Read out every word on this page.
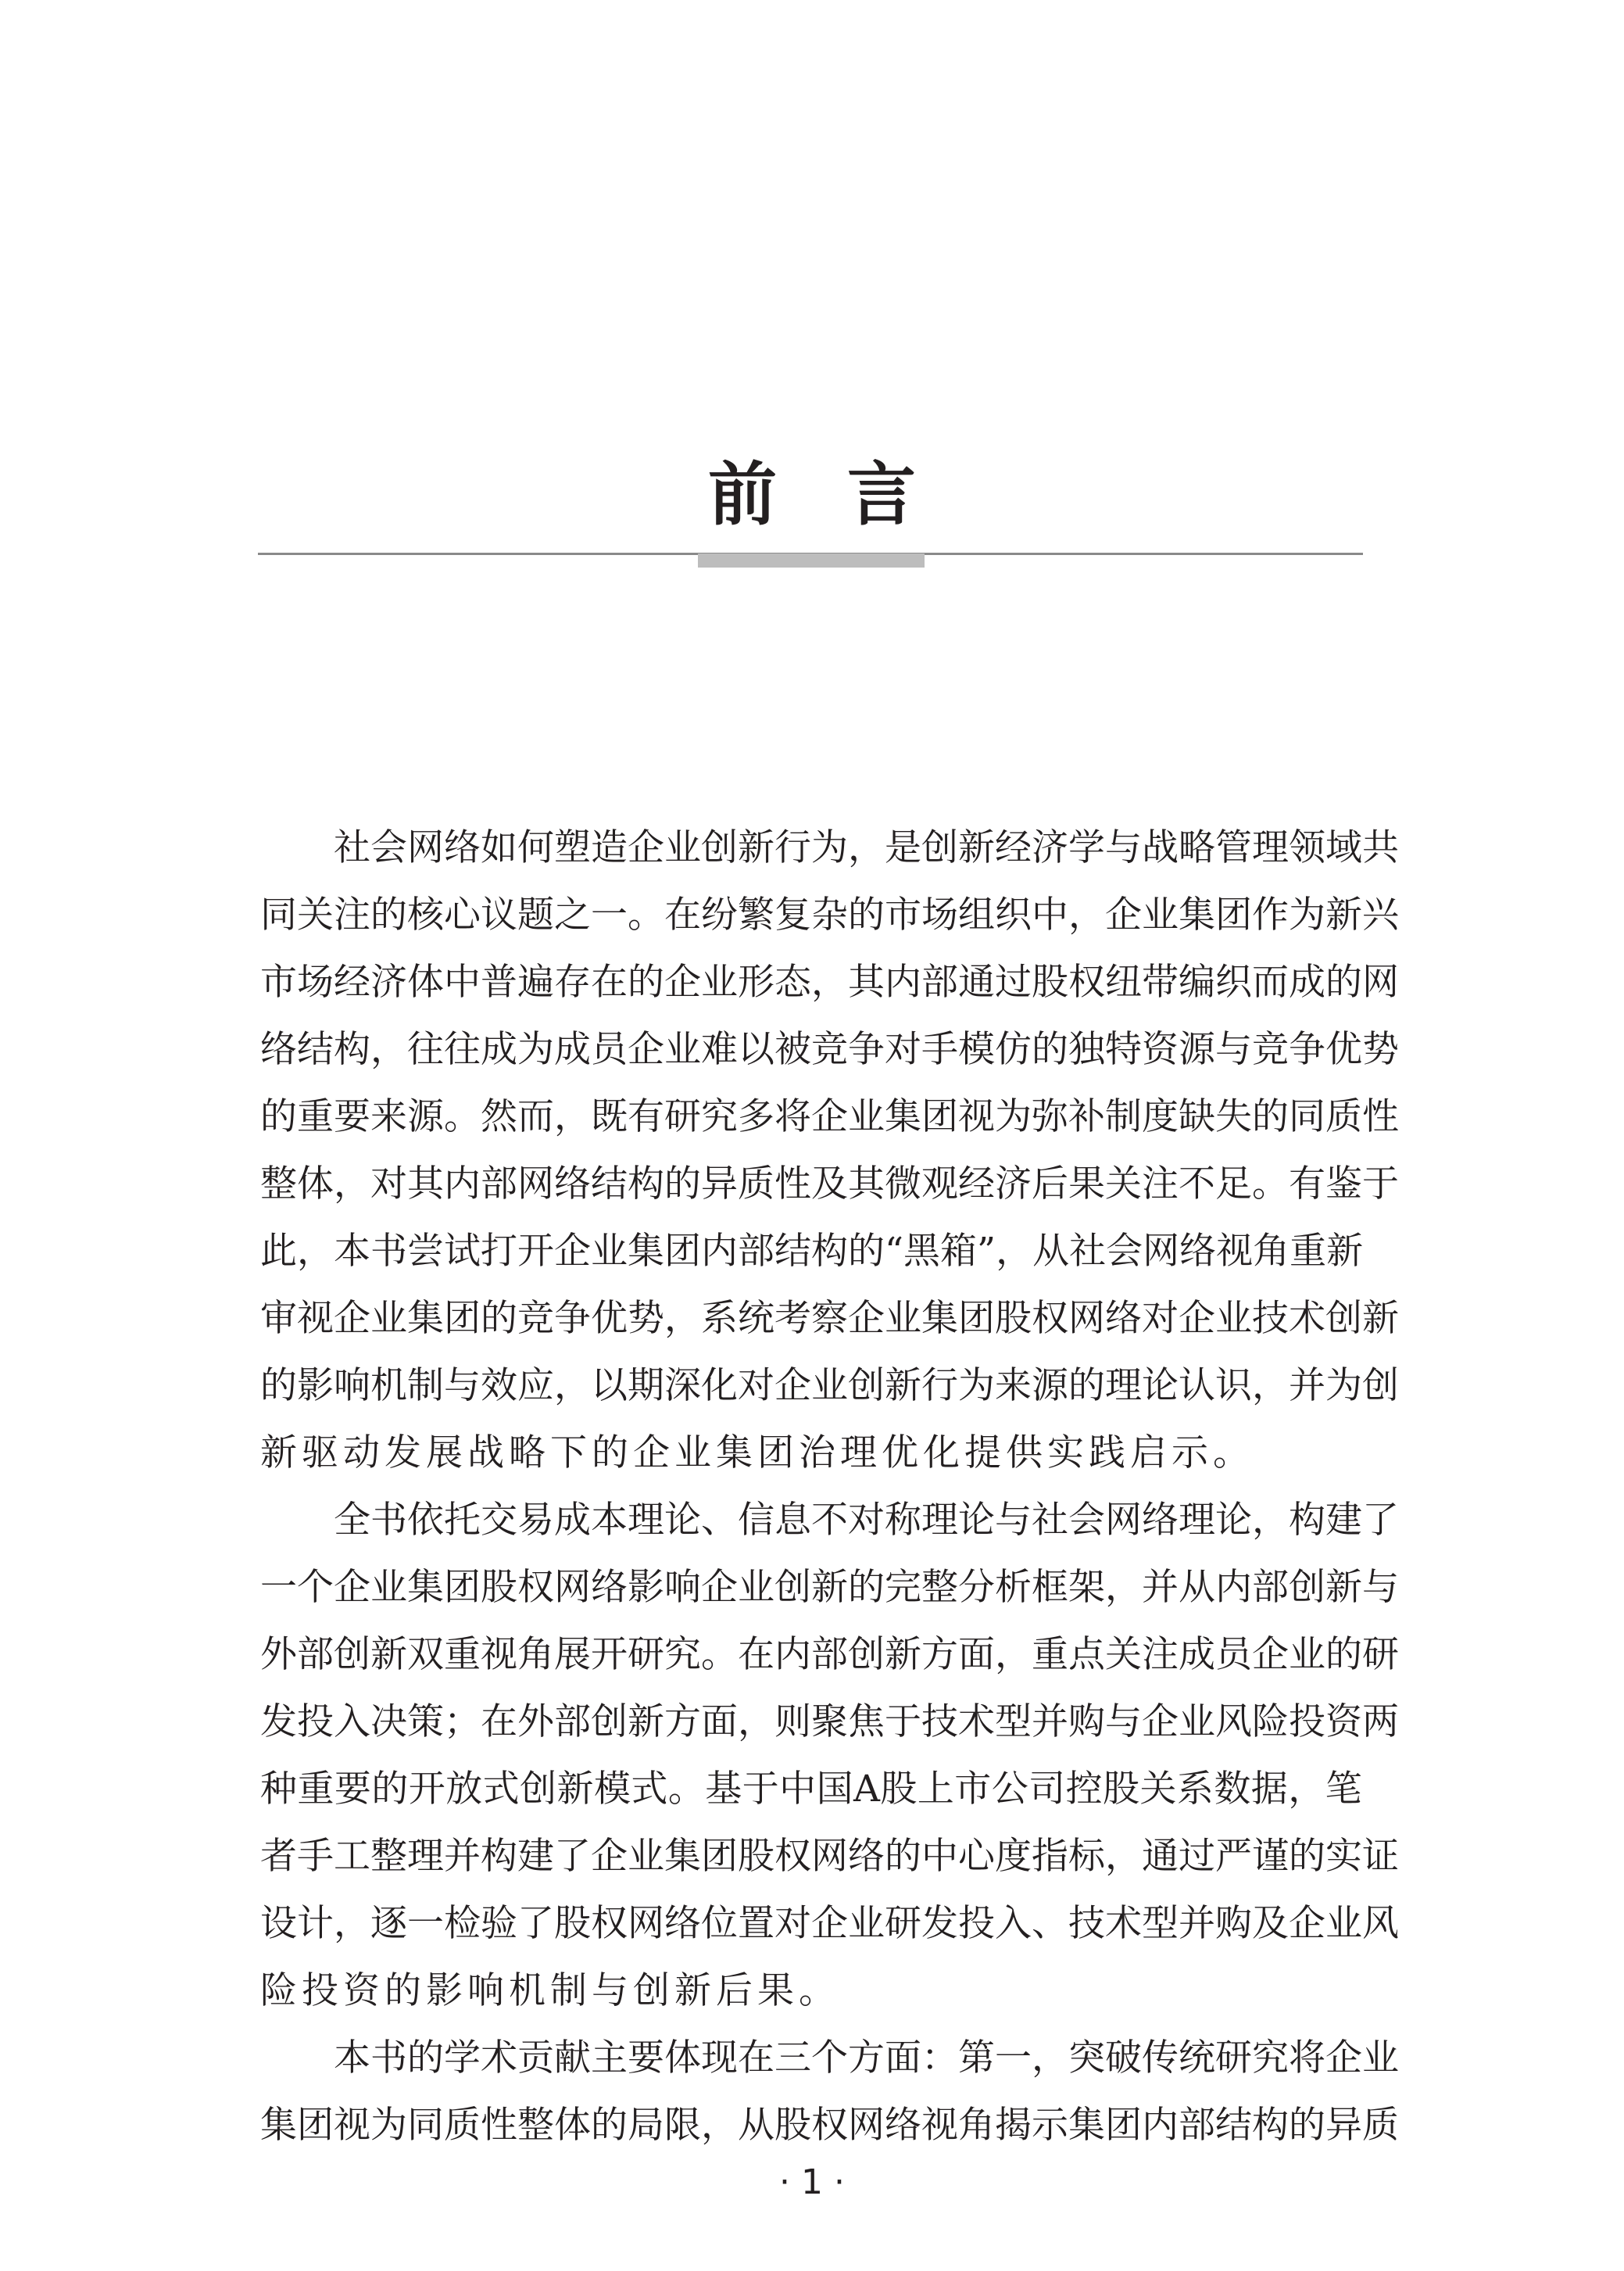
前 言
社 会 网 络 如 何 塑 造 企 业 创 新 行 为 ， 是 创 新 经 济 学 与 战 略 管 理 领 域 共
同 关 注 的 核 心 议 题 之 一 。 在 纷 繁 复 杂 的 市 场 组 织 中 ， 企 业 集 团 作 为 新 兴
市 场 经 济 体 中 普 遍 存 在 的 企 业 形 态 ， 其 内 部 通 过 股 权 纽 带 编 织 而 成 的 网
络 结 构 ， 往 往 成 为 成 员 企 业 难 以 被 竞 争 对 手 模 仿 的 独 特 资 源 与 竞 争 优 势
的 重 要 来 源 。 然 而 ， 既 有 研 究 多 将 企 业 集 团 视 为 弥 补 制 度 缺 失 的 同 质 性
整 体 ， 对 其 内 部 网 络 结 构 的 异 质 性 及 其 微 观 经 济 后 果 关 注 不 足 。 有 鉴 于
此 ， 本 书 尝 试 打 开 企 业 集 团 内 部 结 构 的 “ 黑 箱 ” ， 从 社 会 网 络 视 角 重 新
审 视 企 业 集 团 的 竞 争 优 势 ， 系 统 考 察 企 业 集 团 股 权 网 络 对 企 业 技 术 创 新
的 影 响 机 制 与 效 应 ， 以 期 深 化 对 企 业 创 新 行 为 来 源 的 理 论 认 识 ， 并 为 创
新驱动发展战略下的企业集团治理优化提供实践启示。
全 书 依 托 交 易 成 本 理 论 、 信 息 不 对 称 理 论 与 社 会 网 络 理 论 ， 构 建 了
一 个 企 业 集 团 股 权 网 络 影 响 企 业 创 新 的 完 整 分 析 框 架 ， 并 从 内 部 创 新 与
外 部 创 新 双 重 视 角 展 开 研 究 。 在 内 部 创 新 方 面 ， 重 点 关 注 成 员 企 业 的 研
发 投 入 决 策 ； 在 外 部 创 新 方 面 ， 则 聚 焦 于 技 术 型 并 购 与 企 业 风 险 投 资 两
种 重 要 的 开 放 式 创 新 模 式 。 基 于 中 国 A 股 上 市 公 司 控 股 关 系 数 据 ， 笔
者 手 工 整 理 并 构 建 了 企 业 集 团 股 权 网 络 的 中 心 度 指 标 ， 通 过 严 谨 的 实 证
设 计 ， 逐 一 检 验 了 股 权 网 络 位 置 对 企 业 研 发 投 入 、 技 术 型 并 购 及 企 业 风
险投资的影响机制与创新后果。
本 书 的 学 术 贡 献 主 要 体 现 在 三 个 方 面 ： 第 一 ， 突 破 传 统 研 究 将 企 业
集 团 视 为 同 质 性 整 体 的 局 限 ， 从 股 权 网 络 视 角 揭 示 集 团 内 部 结 构 的 异 质
· 1 ·
